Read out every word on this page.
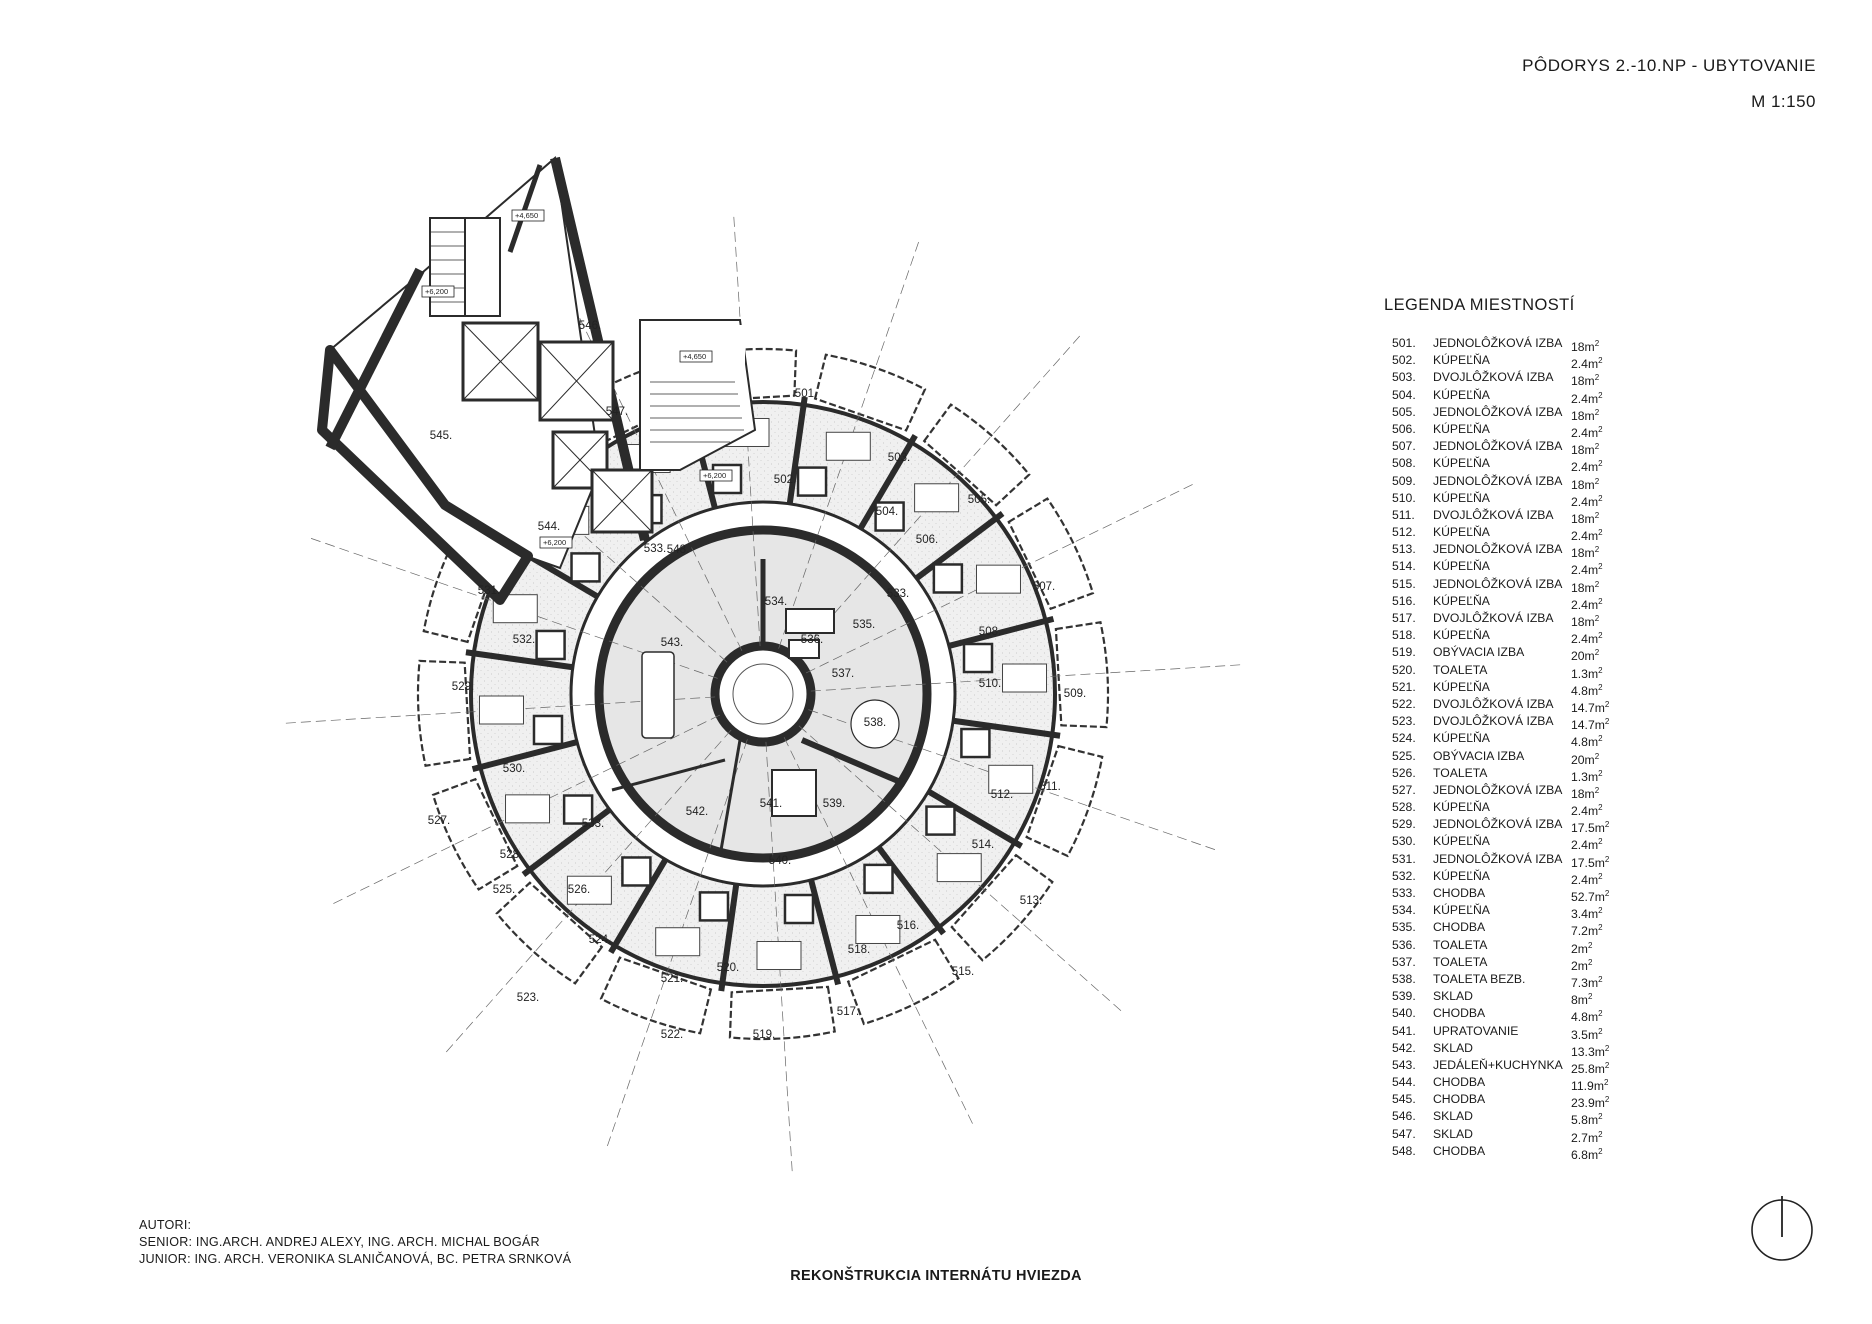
PÔDORYS 2.-10.NP - UBYTOVANIE
M 1:150
501.
503.
505.
507.
509.
511.
513.
515.
517.
519.
522.
523.
525.
527.
529.
531.
502.
504.
506.
508.
510.
512.
514.
516.
518.
520.
521.
524.
526.
528.
530.
532.
533.
533.
533.
534.
535.
536.
537.
538.
539.
540.
541.
542.
543.
544.
545.
546.
547.
548.
+4,650
+6,200
+4,650
+6,200
+6,200
LEGENDA MIESTNOSTÍ
501. JEDNOLÔŽKOVÁ IZBA $18m^2$
502. KÚPEĽŇA	$2.4m^2$
503. DVOJLÔŽKOVÁ IZBA $18m^2$
504. KÚPEĽŇA	$2.4m^2$
505. JEDNOLÔŽKOVÁ IZBA $18m^2$
506. KÚPEĽŇA	$2.4m^2$
507. JEDNOLÔŽKOVÁ IZBA $18m^2$
508. KÚPEĽŇA	$2.4m^2$
509. JEDNOLÔŽKOVÁ IZBA $18m^2$
510. KÚPEĽŇA	$2.4m^2$
511. DVOJLÔŽKOVÁ IZBA $18m^2$
512. KÚPEĽŇA	$2.4m^2$
513. JEDNOLÔŽKOVÁ IZBA $18m^2$
514. KÚPEĽŇA	$2.4m^2$
515. JEDNOLÔŽKOVÁ IZBA $18m^2$
516. KÚPEĽŇA	$2.4m^2$
517. DVOJLÔŽKOVÁ IZBA $18m^2$
518. KÚPEĽŇA	$2.4m^2$
519. OBÝVACIA IZBA	$20m^2$
520. TOALETA	$1.3m^2$
521. KÚPEĽŇA	$4.8m^2$
522. DVOJLÔŽKOVÁ IZBA $14.7m^2$
523. DVOJLÔŽKOVÁ IZBA $14.7m^2$
524. KÚPEĽŇA	$4.8m^2$
525. OBÝVACIA IZBA	$20m^2$
526. TOALETA	$1.3m^2$
527. JEDNOLÔŽKOVÁ IZBA $18m^2$
528. KÚPEĽŇA	$2.4m^2$
529. JEDNOLÔŽKOVÁ IZBA $17.5m^2$
530. KÚPEĽŇA	$2.4m^2$
531. JEDNOLÔŽKOVÁ IZBA $17.5m^2$
532. KÚPEĽŇA	$2.4m^2$
533. CHODBA	$52.7m^2$
534. KÚPEĽŇA	$3.4m^2$
535. CHODBA	$7.2m^2$
536. TOALETA	$2m^2$
537. TOALETA	$2m^2$
538. TOALETA BEZB.	$7.3m^2$
539. SKLAD	$8m^2$
540. CHODBA	$4.8m^2$
541. UPRATOVANIE	$3.5m^2$
542. SKLAD	$13.3m^2$
543. JEDÁLEŇ+KUCHYNKA $25.8m^2$
544. CHODBA	$11.9m^2$
545. CHODBA	$23.9m^2$
546. SKLAD	$5.8m^2$
547. SKLAD	$2.7m^2$
548. CHODBA	$6.8m^2$
AUTORI:
SENIOR: ING.ARCH. ANDREJ ALEXY, ING. ARCH. MICHAL BOGÁR
JUNIOR: ING. ARCH. VERONIKA SLANIČANOVÁ, BC. PETRA SRNKOVÁ
REKONŠTRUKCIA INTERNÁTU HVIEZDA
